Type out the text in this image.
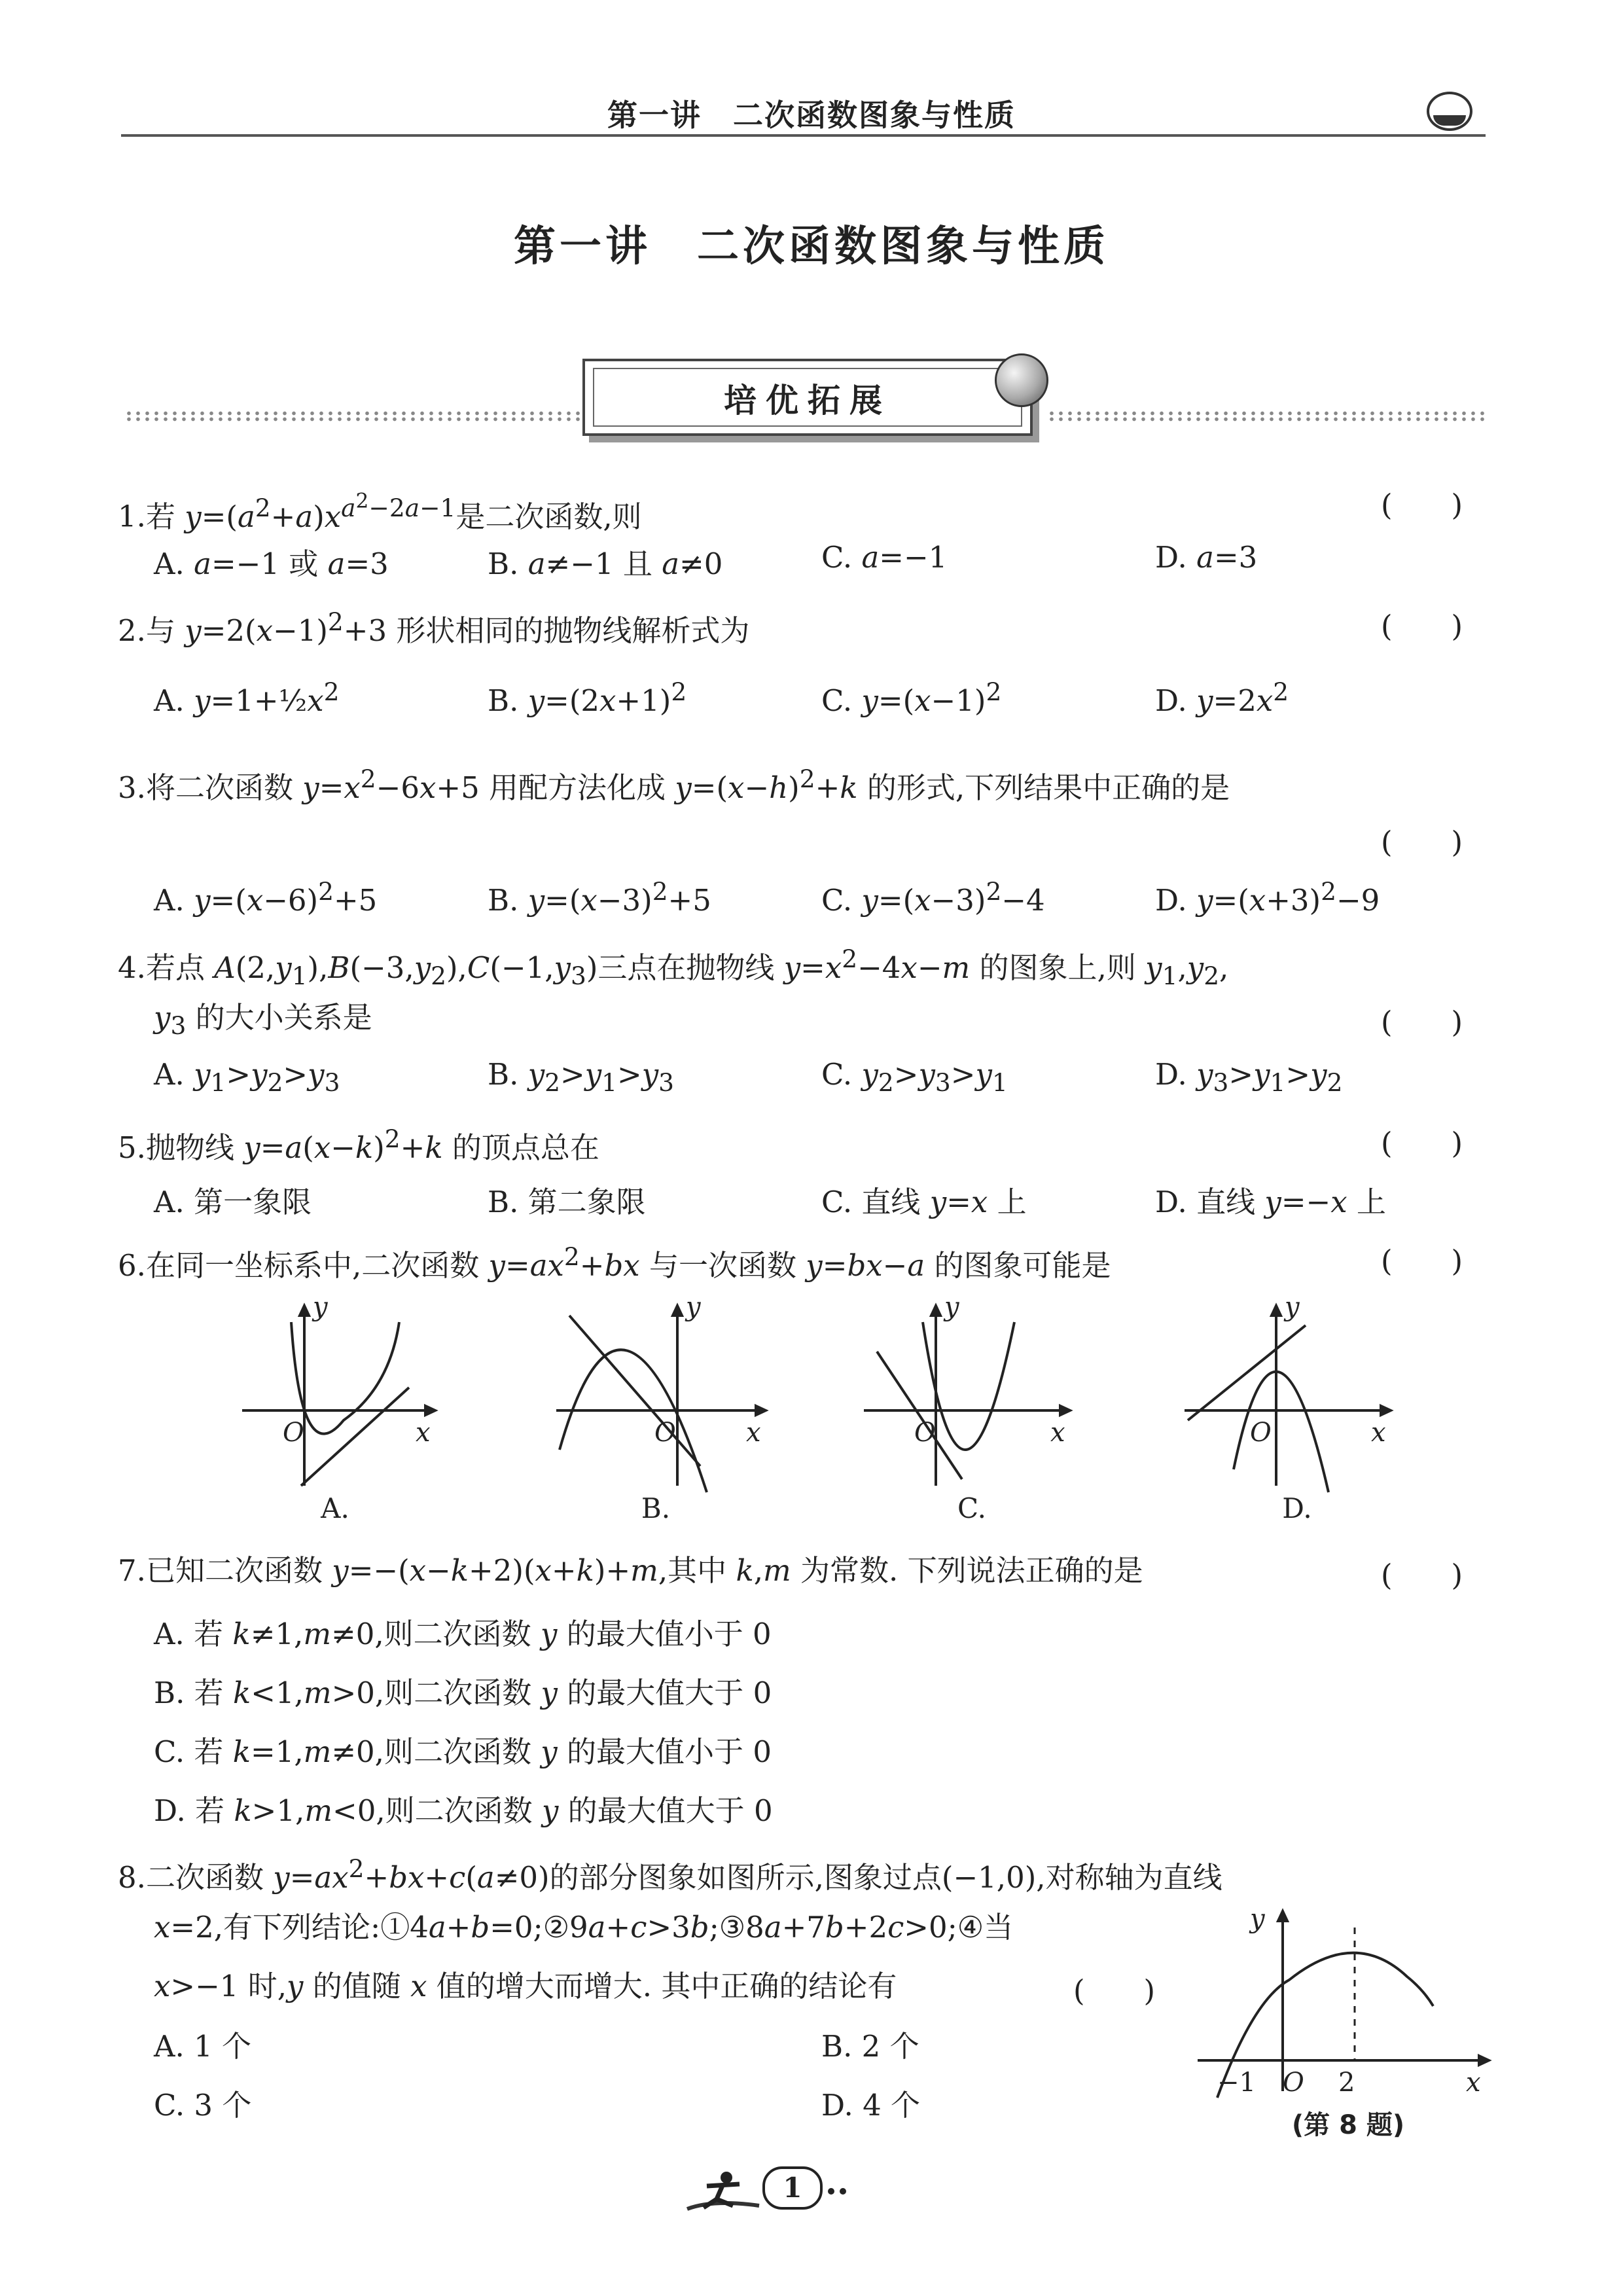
第一讲　二次函数图象与性质
第一讲　二次函数图象与性质
培优拓展
1.若 $y=(a^2+a)x^{a^2-2a-1}$是二次函数,则	(　　)
A. a=−1 或 a=3	B. a≠−1 且 a≠0	C. a=−1	D. a=3
2.与 $y=2(x-1)^2+3$ 形状相同的抛物线解析式为	(　　)
A. $y=1+\frac{1}{2}x^2$	B. $y=(2x+1)^2$	C. $y=(x-1)^2$	D. $y=2x^2$
3.将二次函数 $y=x^2-6x+5$ 用配方法化成 $y=(x-h)^2+k$ 的形式,下列结果中正确的是
(　　)
A. $y=(x-6)^2+5$	B. $y=(x-3)^2+5$	C. $y=(x-3)^2-4$	D. $y=(x+3)^2-9$
4.若点 $A(2,y_1),B(-3,y_2),C(-1,y_3)$三点在抛物线 $y=x^2-4x-m$ 的图象上,则 $y_1,y_2$,
$y_3$ 的大小关系是	(　　)
A. $y_1>y_2>y_3$	B. $y_2>y_1>y_3$	C. $y_2>y_3>y_1$	D. $y_3>y_1>y_2$
5.抛物线 $y=a(x-k)^2+k$ 的顶点总在	(　　)
A. 第一象限	B. 第二象限	C. 直线 y=x 上	D. 直线 y=−x 上
6.在同一坐标系中,二次函数 $y=ax^2+bx$ 与一次函数 y=bx−a 的图象可能是	(　　)
y
x
O
y
x
O
y
x
O
y
x
O
A.	B.	C.	D.
7.已知二次函数 y=−(x−k+2)(x+k)+m,其中 k,m 为常数. 下列说法正确的是	(　　)
A. 若 k≠1,m≠0,则二次函数 y 的最大值小于 0
B. 若 k<1,m>0,则二次函数 y 的最大值大于 0
C. 若 k=1,m≠0,则二次函数 y 的最大值小于 0
D. 若 k>1,m<0,则二次函数 y 的最大值大于 0
8.二次函数 $y=ax^2+bx+c(a\ne 0)$的部分图象如图所示,图象过点(−1,0),对称轴为直线
x=2,有下列结论:①4a+b=0;②9a+c>3b;③8a+7b+2c>0;④当
x>−1 时,y 的值随 x 值的增大而增大. 其中正确的结论有	(　　)
A. 1 个	B. 2 个
C. 3 个	D. 4 个
y
x
−1 O 2
(第 8 题)
1
